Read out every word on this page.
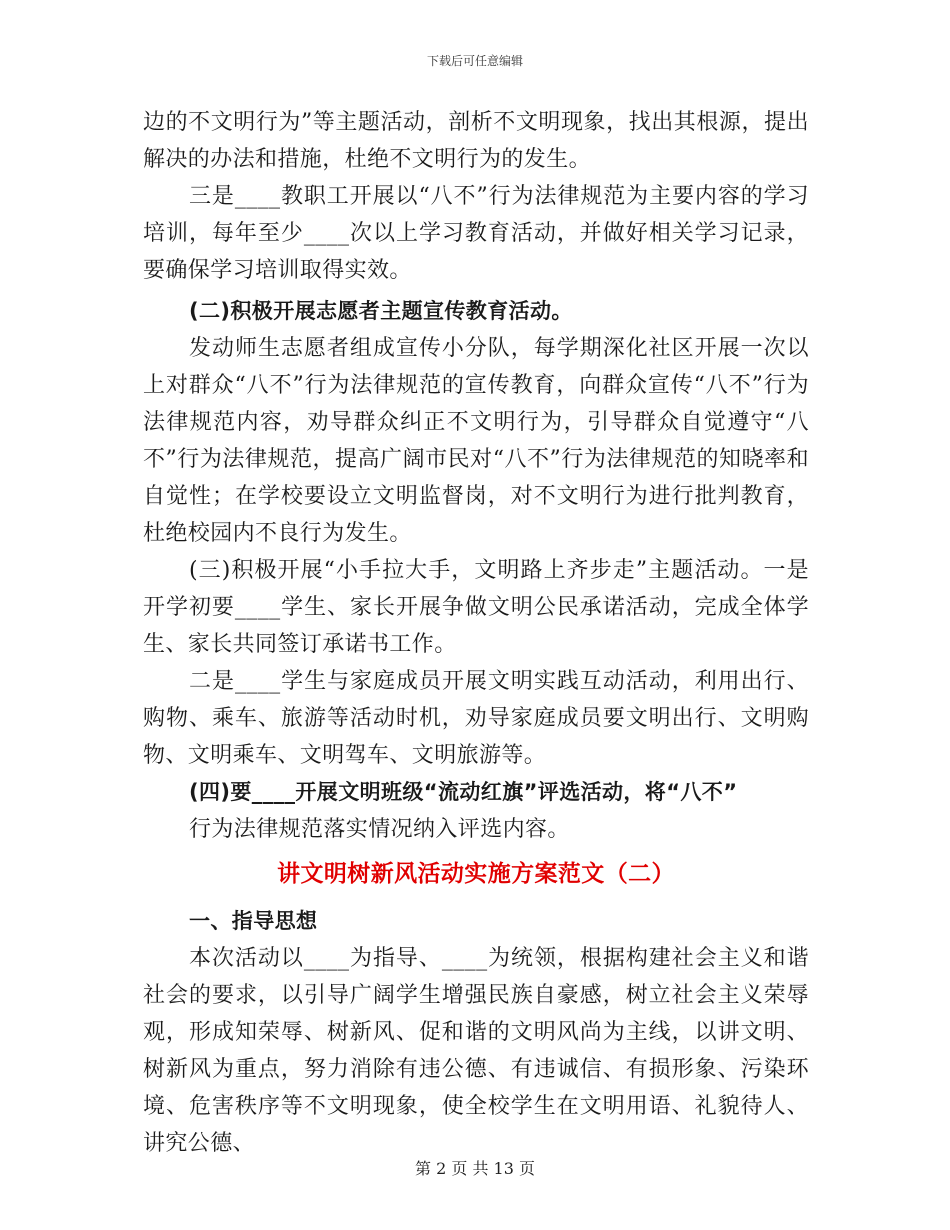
下载后可任意编辑

边的不文明行为”等主题活动，剖析不文明现象，找出其根源，提出解决的办法和措施，杜绝不文明行为的发生。

三是____教职工开展以“八不”行为法律规范为主要内容的学习培训，每年至少____次以上学习教育活动，并做好相关学习记录，要确保学习培训取得实效。

(二)积极开展志愿者主题宣传教育活动。

发动师生志愿者组成宣传小分队，每学期深化社区开展一次以上对群众“八不”行为法律规范的宣传教育，向群众宣传“八不”行为法律规范内容，劝导群众纠正不文明行为，引导群众自觉遵守“八不”行为法律规范，提高广阔市民对“八不”行为法律规范的知晓率和自觉性；在学校要设立文明监督岗，对不文明行为进行批判教育，杜绝校园内不良行为发生。

(三)积极开展“小手拉大手，文明路上齐步走”主题活动。一是开学初要____学生、家长开展争做文明公民承诺活动，完成全体学生、家长共同签订承诺书工作。

二是____学生与家庭成员开展文明实践互动活动，利用出行、购物、乘车、旅游等活动时机，劝导家庭成员要文明出行、文明购物、文明乘车、文明驾车、文明旅游等。

(四)要____开展文明班级“流动红旗”评选活动，将“八不”

行为法律规范落实情况纳入评选内容。

讲文明树新风活动实施方案范文（二）

一、指导思想

本次活动以____为指导、____为统领，根据构建社会主义和谐社会的要求，以引导广阔学生增强民族自豪感，树立社会主义荣辱观，形成知荣辱、树新风、促和谐的文明风尚为主线，以讲文明、树新风为重点，努力消除有违公德、有违诚信、有损形象、污染环境、危害秩序等不文明现象，使全校学生在文明用语、礼貌待人、讲究公德、

第 2 页 共 13 页
